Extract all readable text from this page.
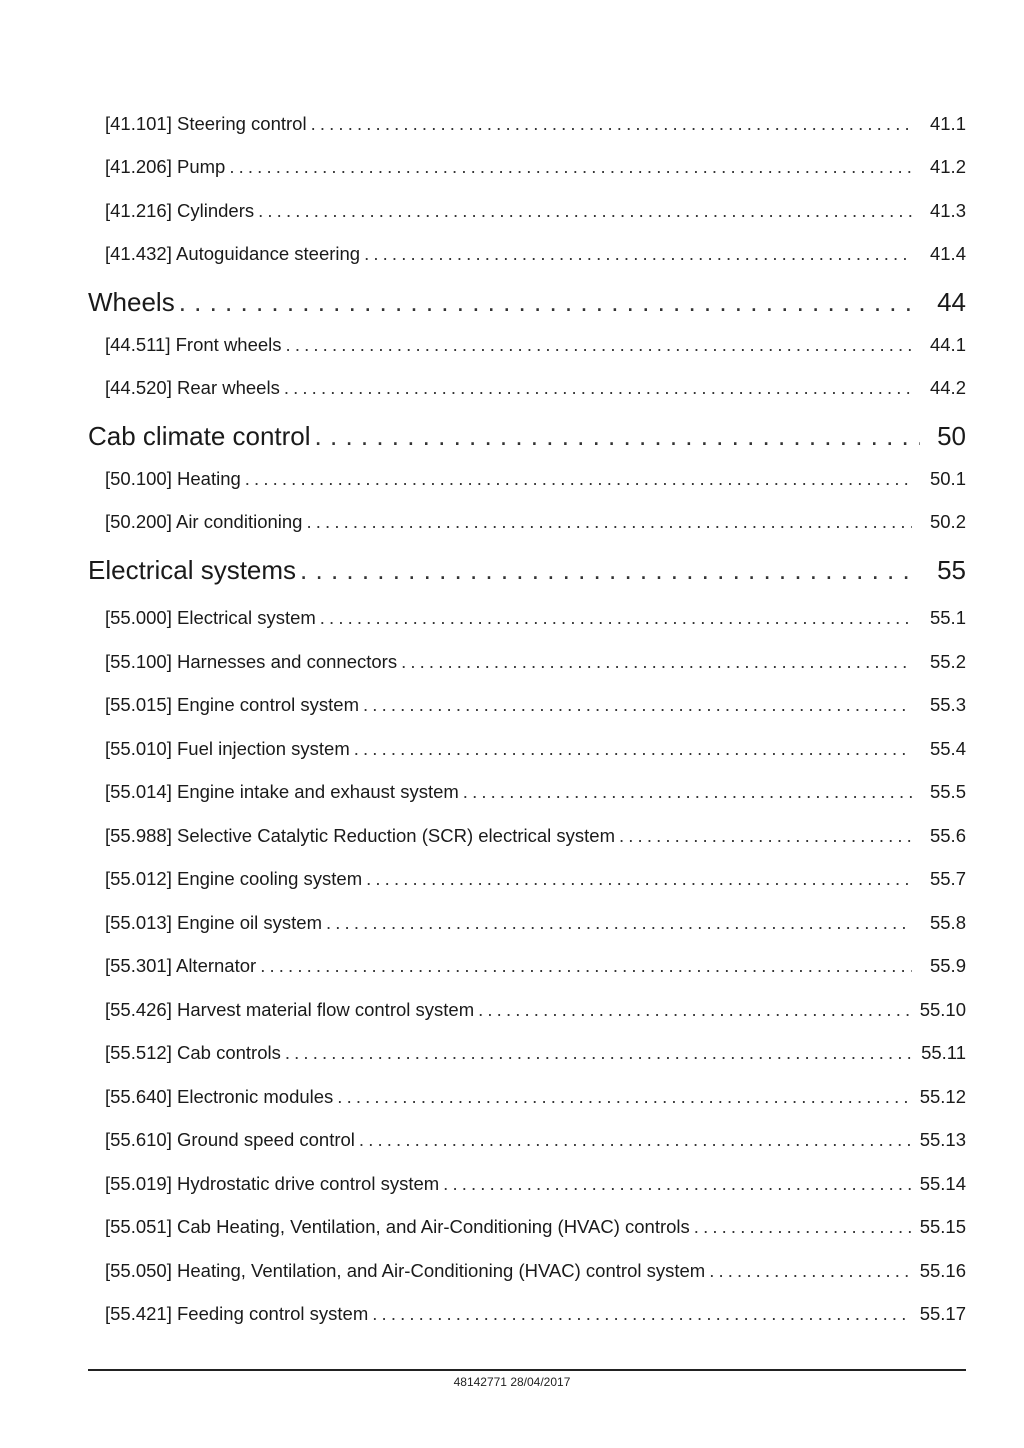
[41.101] Steering control . . .	41.1
[41.206] Pump . . .	41.2
[41.216] Cylinders . . .	41.3
[41.432] Autoguidance steering . . .	41.4
Wheels . . .	44
[44.511] Front wheels . . .	44.1
[44.520] Rear wheels . . .	44.2
Cab climate control . . .	50
[50.100] Heating . . .	50.1
[50.200] Air conditioning . . .	50.2
Electrical systems . . .	55
[55.000] Electrical system . . .	55.1
[55.100] Harnesses and connectors . . .	55.2
[55.015] Engine control system . . .	55.3
[55.010] Fuel injection system . . .	55.4
[55.014] Engine intake and exhaust system . . .	55.5
[55.988] Selective Catalytic Reduction (SCR) electrical system . . .	55.6
[55.012] Engine cooling system . . .	55.7
[55.013] Engine oil system . . .	55.8
[55.301] Alternator . . .	55.9
[55.426] Harvest material flow control system . . .	55.10
[55.512] Cab controls . . .	55.11
[55.640] Electronic modules . . .	55.12
[55.610] Ground speed control . . .	55.13
[55.019] Hydrostatic drive control system . . .	55.14
[55.051] Cab Heating, Ventilation, and Air-Conditioning (HVAC) controls . . .	55.15
[55.050] Heating, Ventilation, and Air-Conditioning (HVAC) control system . . .	55.16
[55.421] Feeding control system . . .	55.17
48142771 28/04/2017
